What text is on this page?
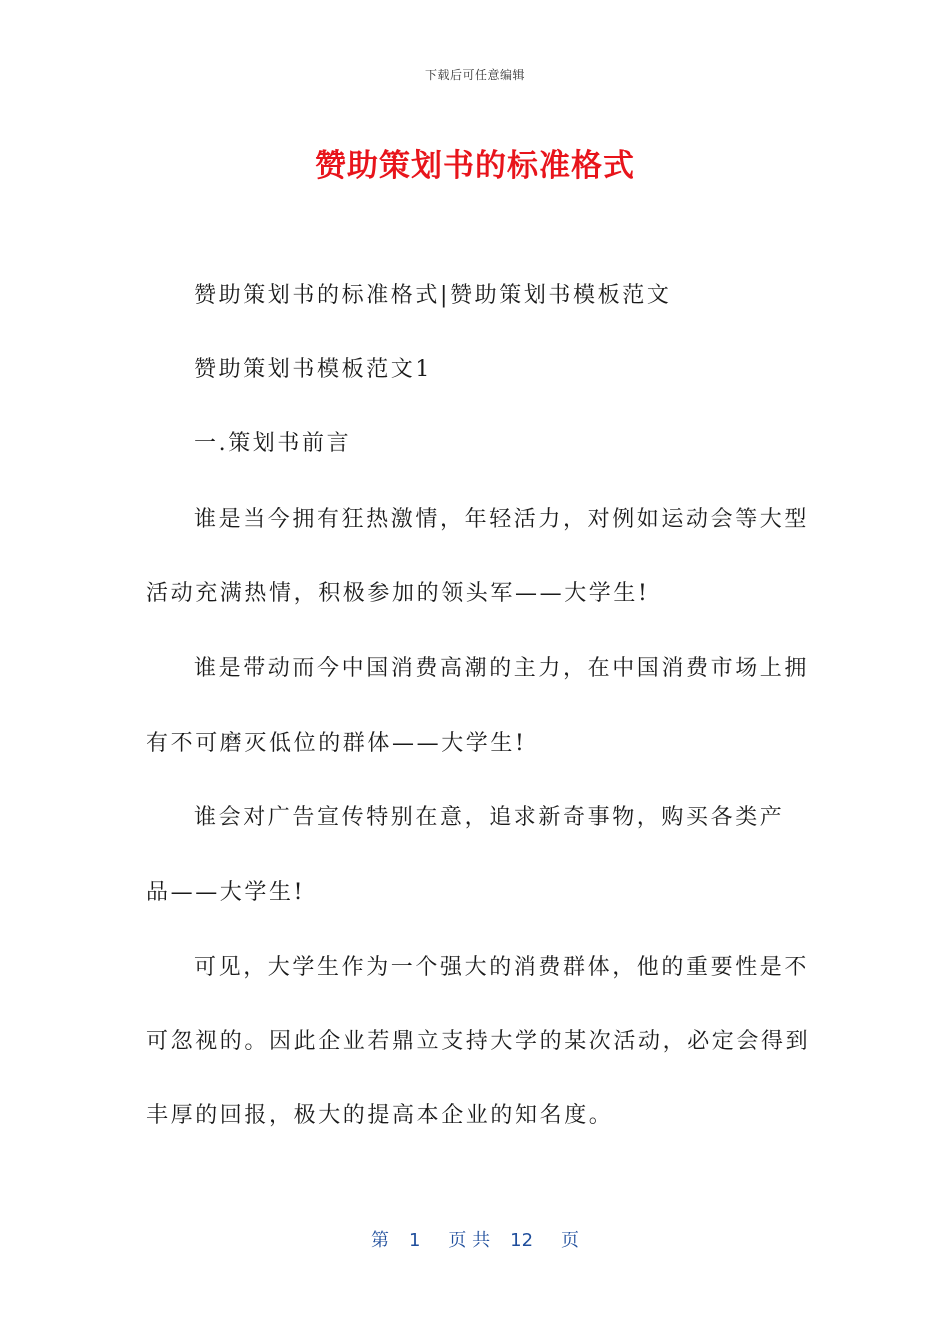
下载后可任意编辑
赞助策划书的标准格式
赞助策划书的标准格式|赞助策划书模板范文
赞助策划书模板范文1
一.策划书前言
谁是当今拥有狂热激情，年轻活力，对例如运动会等大型
活动充满热情，积极参加的领头军——大学生!
谁是带动而今中国消费高潮的主力，在中国消费市场上拥
有不可磨灭低位的群体——大学生!
谁会对广告宣传特别在意，追求新奇事物，购买各类产
品——大学生!
可见，大学生作为一个强大的消费群体，他的重要性是不
可忽视的。因此企业若鼎立支持大学的某次活动，必定会得到
丰厚的回报，极大的提高本企业的知名度。
第 1 页 共 12 页
